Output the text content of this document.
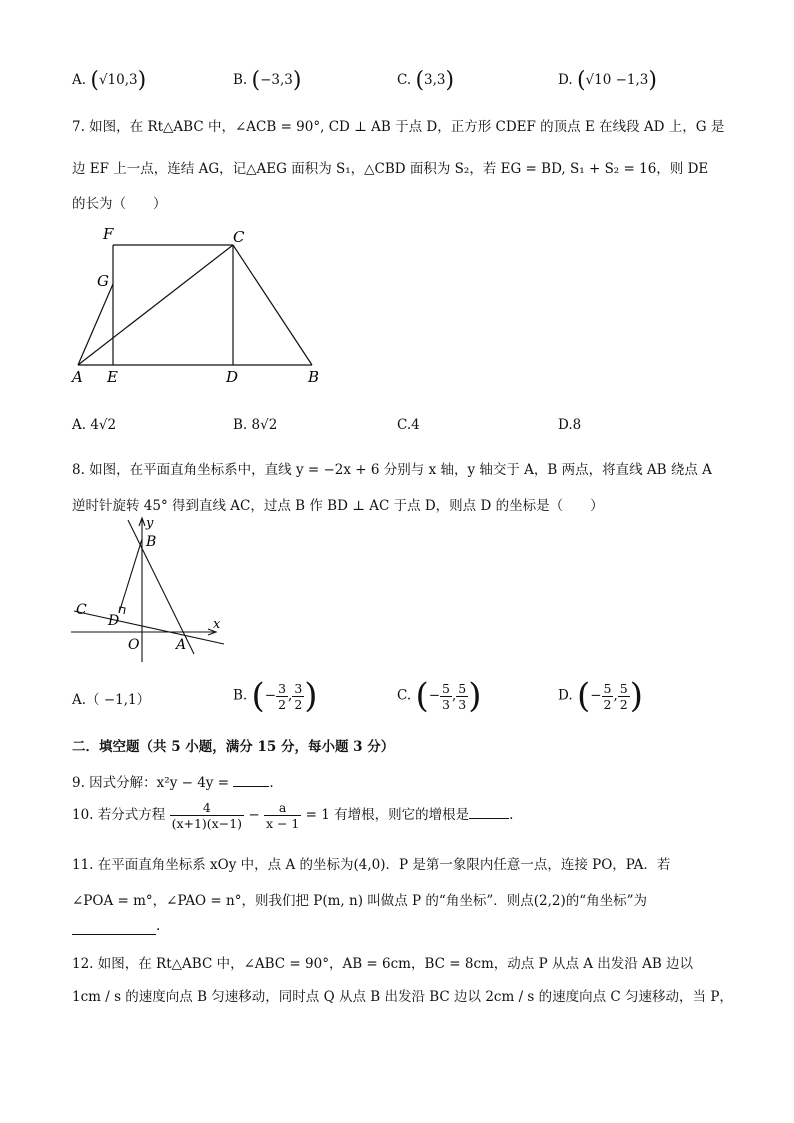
A. (√10,3)	B. (−3,3)	C. (3,3)	D. (√10 −1,3)
7. 如图，在 Rt△ABC 中，∠ACB = 90°, CD ⊥ AB 于点 D，正方形 CDEF 的顶点 E 在线段 AD 上，G 是
边 EF 上一点，连结 AG，记△AEG 面积为 S₁，△CBD 面积为 S₂，若 EG = BD, S₁ + S₂ = 16，则 DE
的长为（　　）
F	C
G
A E	D	B
A. 4√2	B. 8√2	C.4	D.8
8. 如图，在平面直角坐标系中，直线 y = −2x + 6 分别与 x 轴，y 轴交于 A，B 两点，将直线 AB 绕点 A
逆时针旋转 45° 得到直线 AC，过点 B 作 BD ⊥ AC 于点 D，则点 D 的坐标是（　　）
y
B
C
D	x
O	A
A.（ −1,1）	B. (− $\frac{3}{2}$ , $\frac{3}{2}$ )	C. (− $\frac{5}{3}$ , $\frac{5}{3}$ )	D. (− $\frac{5}{2}$ , $\frac{5}{2}$ )
二．填空题（共 5 小题，满分 15 分，每小题 3 分）
9. 因式分解：x²y − 4y =	.
10. 若分式方程 $\frac{4}{(x+1)(x-1)} - \frac{a}{x - 1} = 1$ 有增根，则它的增根是	.
11. 在平面直角坐标系 xOy 中，点 A 的坐标为(4,0)．P 是第一象限内任意一点，连接 PO，PA．若
∠POA = m°，∠PAO = n°，则我们把 P(m, n) 叫做点 P 的“角坐标”．则点(2,2)的“角坐标”为
.
12. 如图，在 Rt△ABC 中，∠ABC = 90°，AB = 6cm，BC = 8cm，动点 P 从点 A 出发沿 AB 边以
1cm / s 的速度向点 B 匀速移动，同时点 Q 从点 B 出发沿 BC 边以 2cm / s 的速度向点 C 匀速移动，当 P，
